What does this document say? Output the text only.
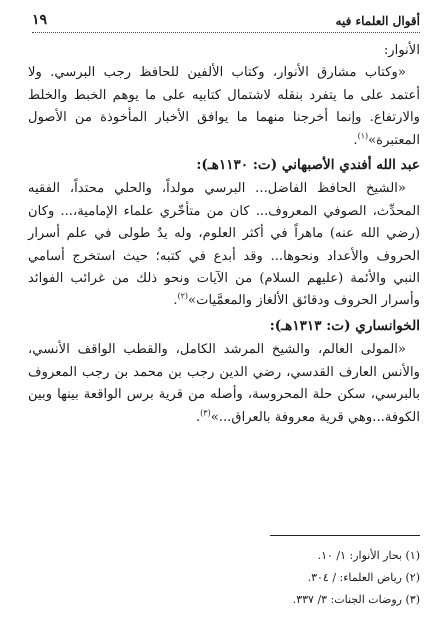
أقوال العلماء فيه
١٩

الأنوار:

«وكتاب مشارق الأنوار، وكتاب الألفين للحافظ رجب البرسي. ولا أعتمد على ما يتفرد بنقله لاشتمال كتابيه على ما يوهم الخبط والخلط والارتفاع. وإنما أخرجنا منهما ما يوافق الأخبار المأخوذة من الأصول المعتبرة»$^{(١)}$.

عبد الله أفندي الأصبهاني (ت: ١١٣٠هـ):

«الشيخ الحافظ الفاضل... البرسي مولداً، والحلي محتداً، الفقيه المحدِّث، الصوفي المعروف... كان من متأخّري علماء الإمامية،... وكان (رضي الله عنه) ماهراً في أكثر العلوم، وله يدٌ طولى في علم أسرار الحروف والأعداد ونحوها... وقد أبدع في كتبه؛ حيث استخرج أسامي النبي والأئمة (عليهم السلام) من الآيات ونحو ذلك من غرائب الفوائد وأسرار الحروف ودقائق الألغاز والمعمَّيات»$^{(٢)}$.

الخوانساري (ت: ١٣١٣هـ):

«المولى العالم، والشيخ المرشد الكامل، والقطب الواقف الأنسي، والأنس العارف القدسي، رضي الدين رجب بن محمد بن رجب المعروف بالبرسي، سكن حلة المحروسة، وأصله من قرية برس الواقعة بينها وبين الكوفة...وهي قرية معروفة بالعراق...»$^{(٣)}$.

(١) بحار الأنوار: ١/ ١٠.
(٢) رياض العلماء: / ٣٠٤.
(٣) روضات الجنات: ٣/ ٣٣٧.
